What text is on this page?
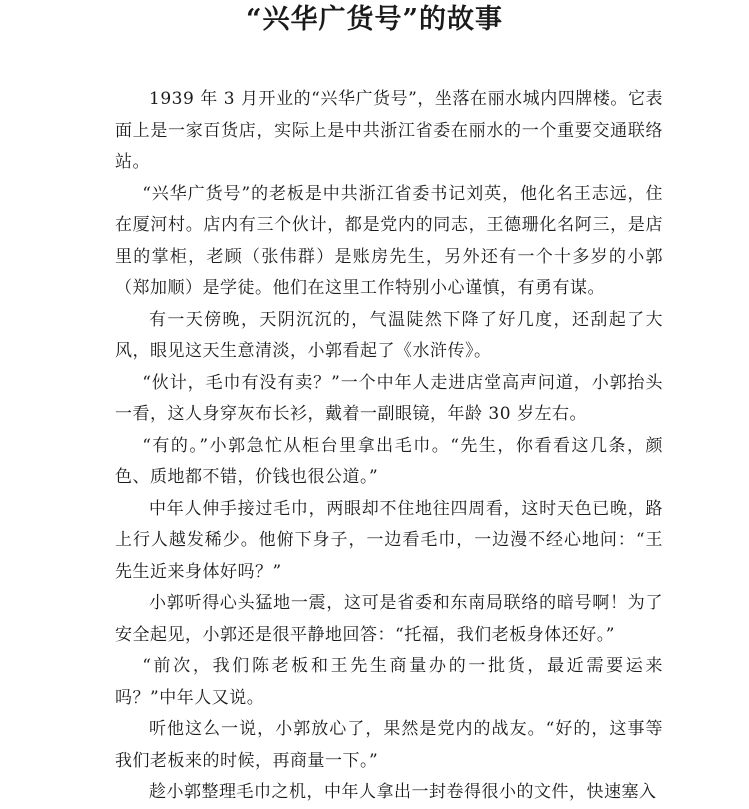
“兴华广货号”的故事

1939 年 3 月开业的“兴华广货号”，坐落在丽水城内四牌楼。它表面上是一家百货店，实际上是中共浙江省委在丽水的一个重要交通联络站。

“兴华广货号”的老板是中共浙江省委书记刘英，他化名王志远，住在厦河村。店内有三个伙计，都是党内的同志，王德珊化名阿三，是店里的掌柜，老顾（张伟群）是账房先生，另外还有一个十多岁的小郭（郑加顺）是学徒。他们在这里工作特别小心谨慎，有勇有谋。

有一天傍晚，天阴沉沉的，气温陡然下降了好几度，还刮起了大风，眼见这天生意清淡，小郭看起了《水浒传》。

“伙计，毛巾有没有卖？”一个中年人走进店堂高声问道，小郭抬头一看，这人身穿灰布长衫，戴着一副眼镜，年龄 30 岁左右。

“有的。”小郭急忙从柜台里拿出毛巾。“先生，你看看这几条，颜色、质地都不错，价钱也很公道。”

中年人伸手接过毛巾，两眼却不住地往四周看，这时天色已晚，路上行人越发稀少。他俯下身子，一边看毛巾，一边漫不经心地问：“王先生近来身体好吗？”

小郭听得心头猛地一震，这可是省委和东南局联络的暗号啊！为了安全起见，小郭还是很平静地回答：“托福，我们老板身体还好。”

“前次，我们陈老板和王先生商量办的一批货，最近需要运来吗？”中年人又说。

听他这么一说，小郭放心了，果然是党内的战友。“好的，这事等我们老板来的时候，再商量一下。”

趁小郭整理毛巾之机，中年人拿出一封卷得很小的文件，快速塞入
